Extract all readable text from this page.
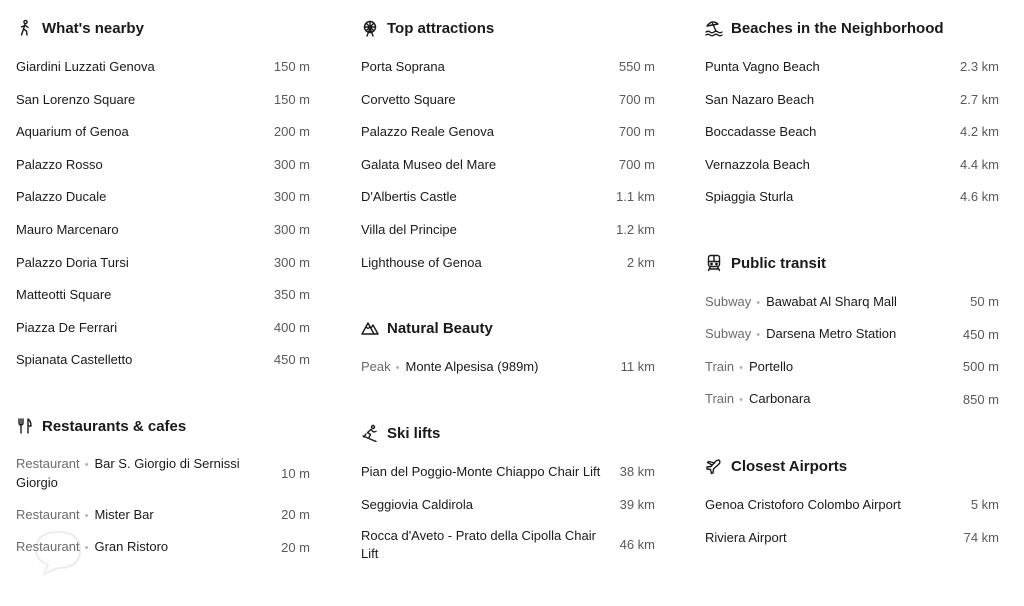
What's nearby
Giardini Luzzati Genova	150 m
San Lorenzo Square	150 m
Aquarium of Genoa	200 m
Palazzo Rosso	300 m
Palazzo Ducale	300 m
Mauro Marcenaro	300 m
Palazzo Doria Tursi	300 m
Matteotti Square	350 m
Piazza De Ferrari	400 m
Spianata Castelletto	450 m
Restaurants & cafes
Restaurant • Bar S. Giorgio di Sernissi Giorgio
10 m
Restaurant • Mister Bar	20 m
Restaurant • Gran Ristoro	20 m
Top attractions
Porta Soprana	550 m
Corvetto Square	700 m
Palazzo Reale Genova	700 m
Galata Museo del Mare	700 m
D'Albertis Castle	1.1 km
Villa del Principe	1.2 km
Lighthouse of Genoa	2 km
Natural Beauty
Peak • Monte Alpesisa (989m)	11 km
Ski lifts
Pian del Poggio-Monte Chiappo Chair Lift 38 km
Seggiovia Caldirola	39 km
Rocca d'Aveto - Prato della Cipolla Chair Lift
46 km
Beaches in the Neighborhood
Punta Vagno Beach	2.3 km
San Nazaro Beach	2.7 km
Boccadasse Beach	4.2 km
Vernazzola Beach	4.4 km
Spiaggia Sturla	4.6 km
Public transit
Subway • Bawabat Al Sharq Mall	50 m
Subway • Darsena Metro Station	450 m
Train • Portello	500 m
Train • Carbonara	850 m
Closest Airports
Genoa Cristoforo Colombo Airport	5 km
Riviera Airport	74 km
